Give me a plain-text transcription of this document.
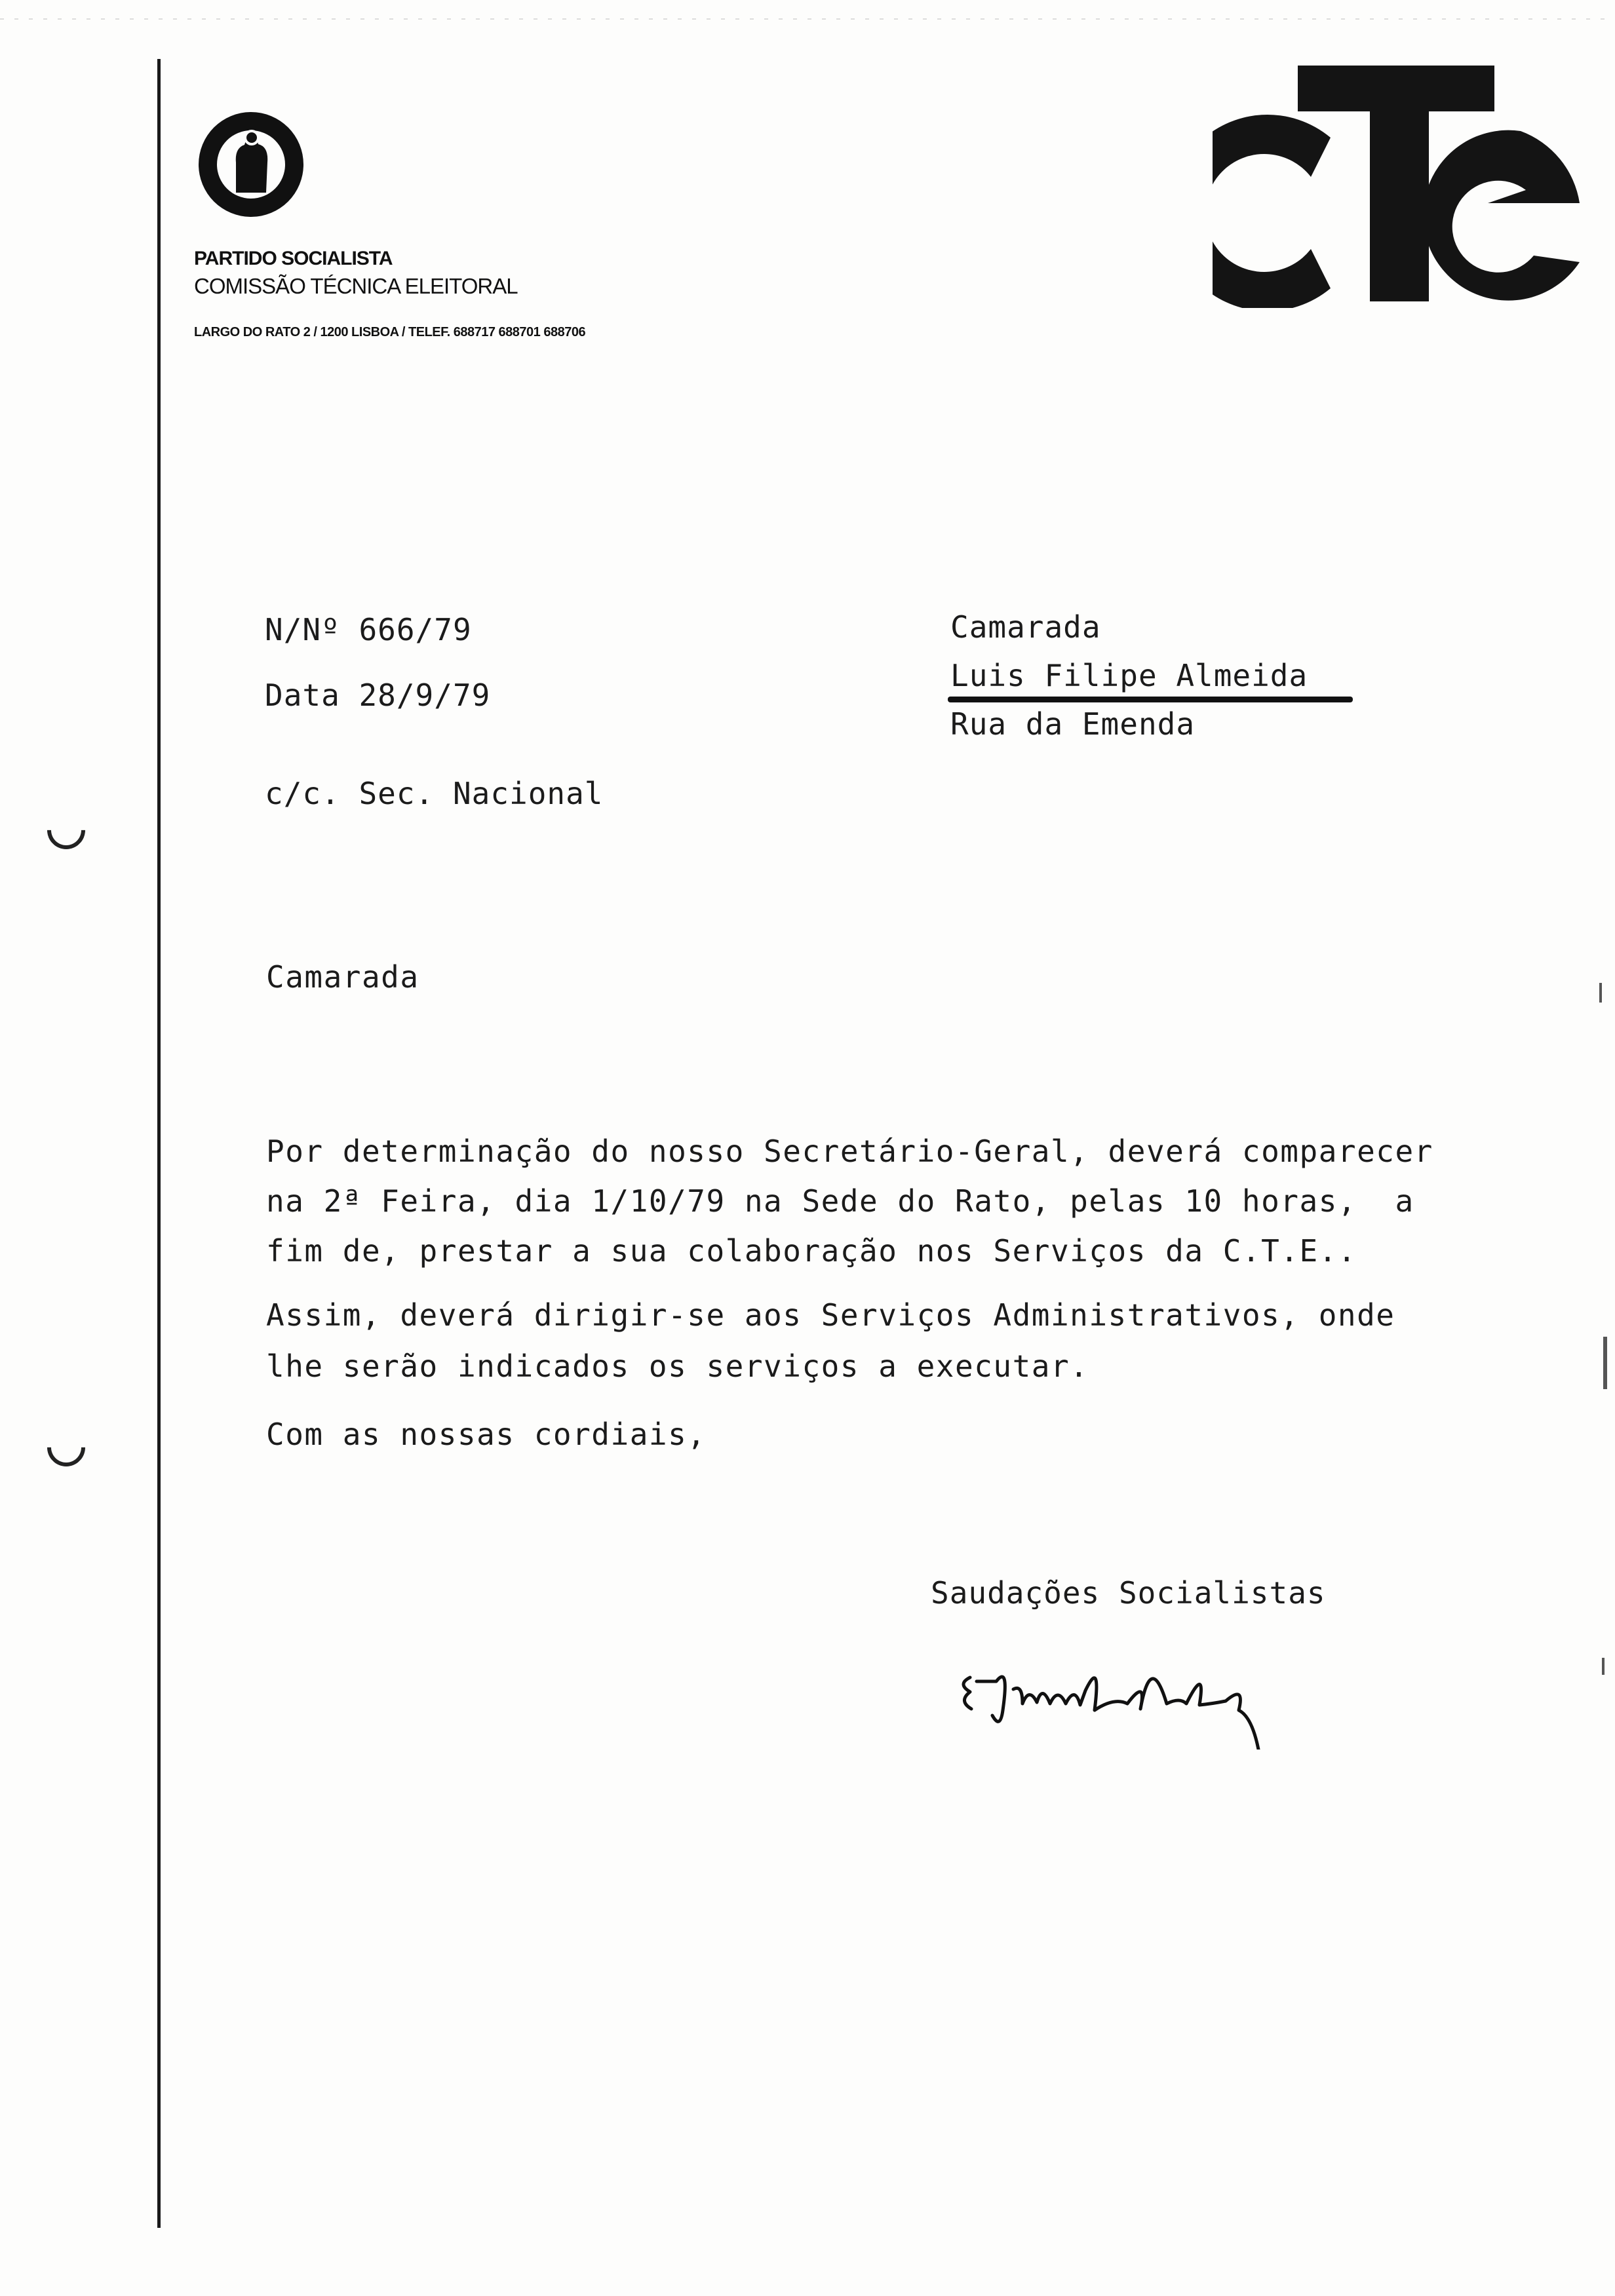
PARTIDO SOCIALISTA
COMISSÃO TÉCNICA ELEITORAL
LARGO DO RATO 2 / 1200 LISBOA / TELEF. 688717 688701 688706
N/Nº 666/79
Data 28/9/79
c/c. Sec. Nacional
Camarada
Luis Filipe Almeida
Rua da Emenda
Camarada
Por determinação do nosso Secretário-Geral, deverá comparecer
na 2ª Feira, dia 1/10/79 na Sede do Rato, pelas 10 horas,  a
fim de, prestar a sua colaboração nos Serviços da C.T.E..
Assim, deverá dirigir-se aos Serviços Administrativos, onde
lhe serão indicados os serviços a executar.
Com as nossas cordiais,
Saudações Socialistas
